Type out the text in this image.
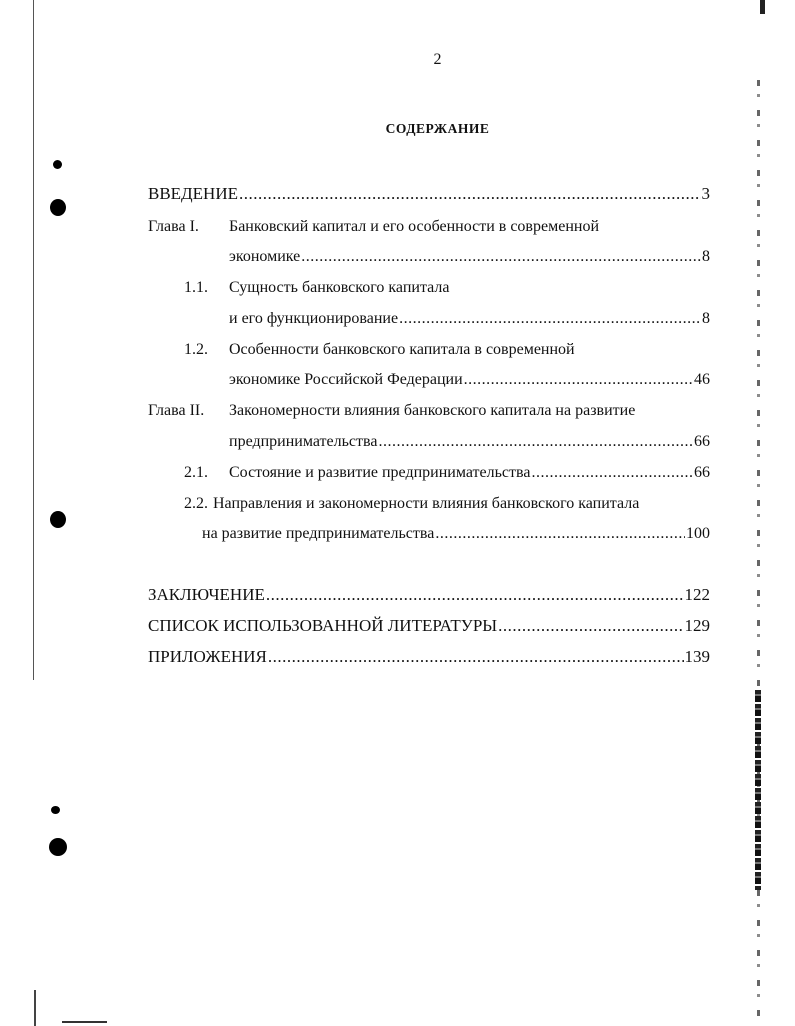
2
СОДЕРЖАНИЕ
ВВЕДЕНИЕ .....	3
Глава I. Банковский капитал и его особенности в современной
экономике .....	8
1.1. Сущность банковского капитала
и его функционирование .....	8
1.2. Особенности банковского капитала в современной
экономике Российской Федерации .....	46
Глава II. Закономерности влияния банковского капитала на развитие
предпринимательства .....	66
2.1. Состояние и развитие предпринимательства .....	66
2.2. Направления и закономерности влияния банковского капитала
на развитие предпринимательства .....	100
ЗАКЛЮЧЕНИЕ .....	122
СПИСОК ИСПОЛЬЗОВАННОЙ ЛИТЕРАТУРЫ .....	129
ПРИЛОЖЕНИЯ .....	139
